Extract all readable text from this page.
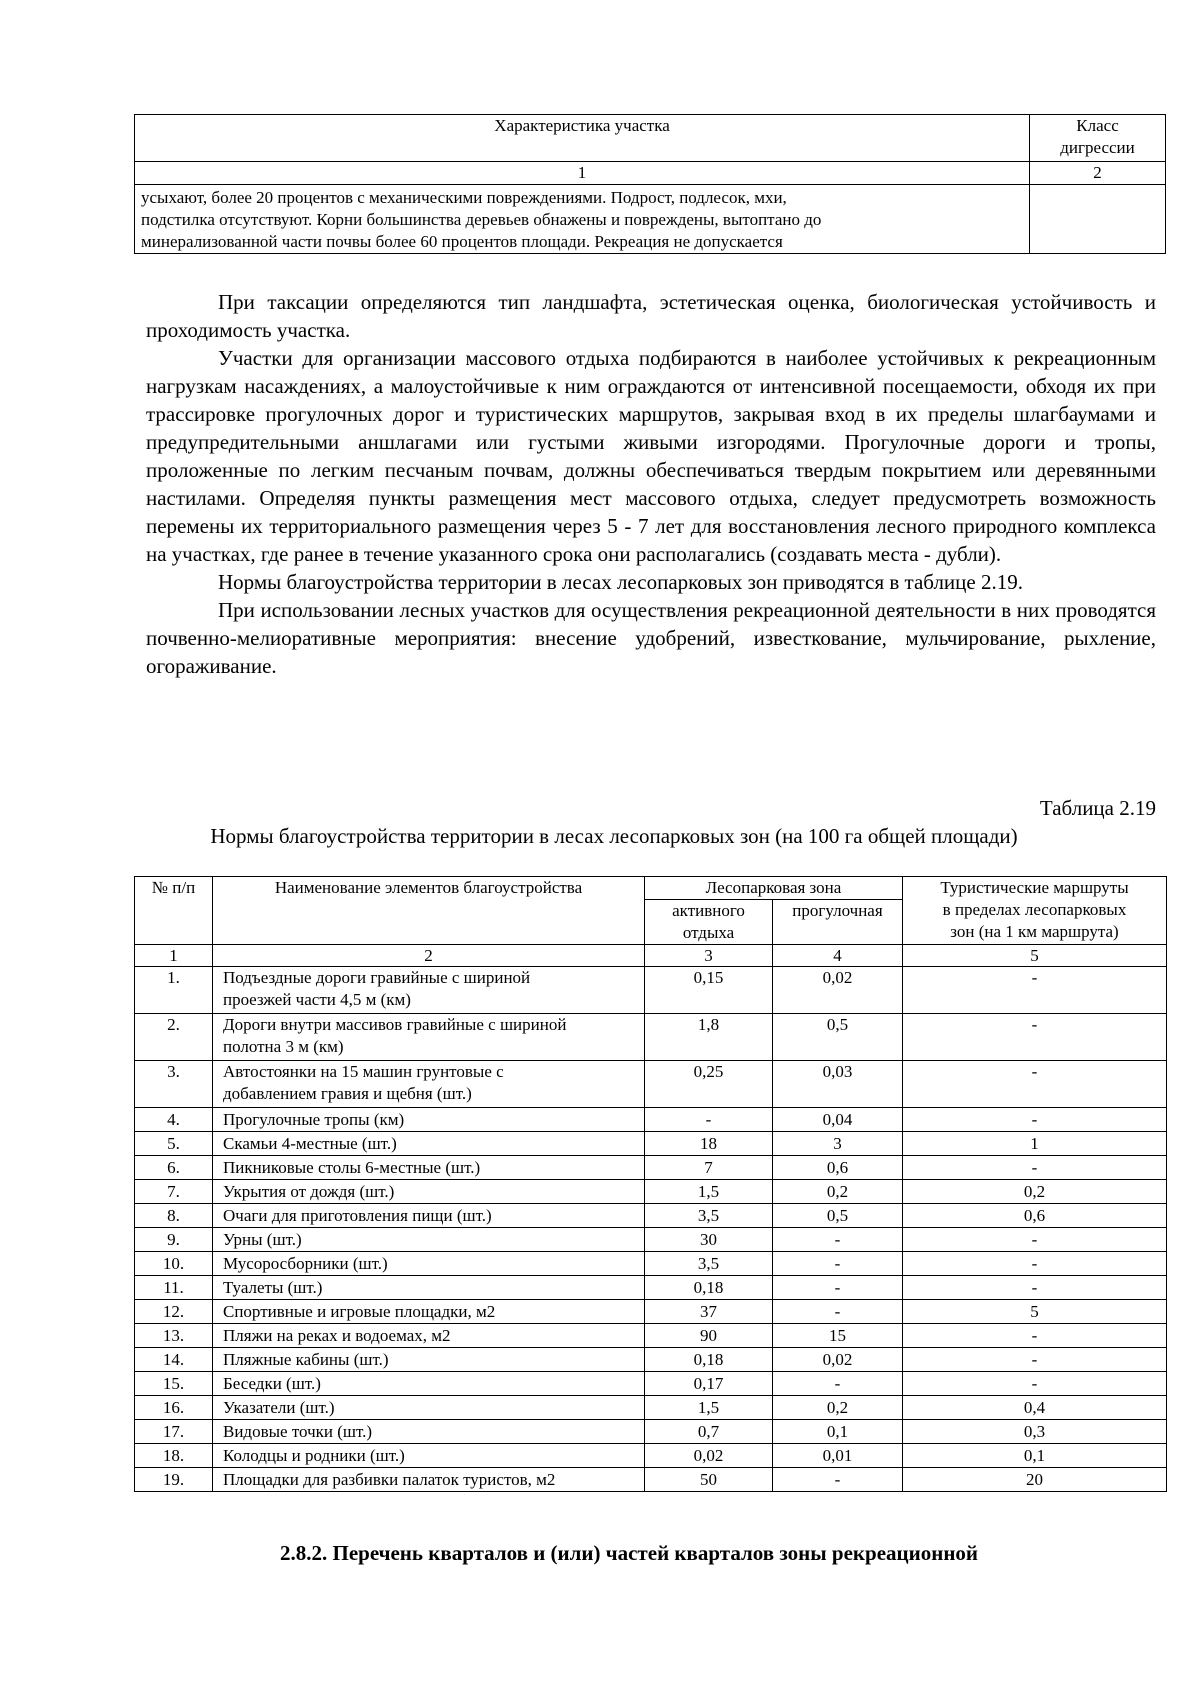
Характеристика участка	Класс
дигрессии

1	2

усыхают, более 20 процентов с механическими повреждениями. Подрост, подлесок, мхи,
подстилка отсутствуют. Корни большинства деревьев обнажены и повреждены, вытоптано до
минерализованной части почвы более 60 процентов площади. Рекреация не допускается	

При таксации определяются тип ландшафта, эстетическая оценка, биологическая устойчивость и проходимость участка.

Участки для организации массового отдыха подбираются в наиболее устойчивых к рекреационным нагрузкам насаждениях, а малоустойчивые к ним ограждаются от интенсивной посещаемости, обходя их при трассировке прогулочных дорог и туристических маршрутов, закрывая вход в их пределы шлагбаумами и предупредительными аншлагами или густыми живыми изгородями. Прогулочные дороги и тропы, проложенные по легким песчаным почвам, должны обеспечиваться твердым покрытием или деревянными настилами. Определяя пункты размещения мест массового отдыха, следует предусмотреть возможность перемены их территориального размещения через 5 - 7 лет для восстановления лесного природного комплекса на участках, где ранее в течение указанного срока они располагались (создавать места - дубли).

Нормы благоустройства территории в лесах лесопарковых зон приводятся в таблице 2.19.

При использовании лесных участков для осуществления рекреационной деятельности в них проводятся почвенно-мелиоративные мероприятия: внесение удобрений, известкование, мульчирование, рыхление, огораживание.

Таблица 2.19
Нормы благоустройства территории в лесах лесопарковых зон (на 100 га общей площади)
№ п/п	Наименование элементов благоустройства	Лесопарковая зона		Туристические маршруты
в пределах лесопарковых
зон (на 1 км маршрута)

		активного
отдыха	прогулочная	
1	2	3	4	5
1.	Подъездные дороги гравийные с шириной
прoезжей части 4,5 м (км)	0,15	0,02	-
2.	Дороги внутри массивов гравийные с шириной
полотна 3 м (км)	1,8	0,5	-
3.	Автостоянки на 15 машин грунтовые с
добавлением гравия и щебня (шт.)	0,25	0,03	-
4.	Прогулочные тропы (км)	-	0,04	-
5.	Скамьи 4-местные (шт.)	18	3	1
6.	Пикниковые столы 6-местные (шт.)	7	0,6	-
7.	Укрытия от дождя (шт.)	1,5	0,2	0,2
8.	Очаги для приготовления пищи (шт.)	3,5	0,5	0,6
9.	Урны (шт.)	30	-	-
10.	Мусоросборники (шт.)	3,5	-	-
11.	Туалеты (шт.)	0,18	-	-
12.	Спортивные и игровые площадки, м2	37	-	5
13.	Пляжи на реках и водоемах, м2	90	15	-
14.	Пляжные кабины (шт.)	0,18	0,02	-
15.	Беседки (шт.)	0,17	-	-
16.	Указатели (шт.)	1,5	0,2	0,4
17.	Видовые точки (шт.)	0,7	0,1	0,3
18.	Колодцы и родники (шт.)	0,02	0,01	0,1
19.	Площадки для разбивки палаток туристов, м2	50	-	20
2.8.2. Перечень кварталов и (или) частей кварталов зоны рекреационной
